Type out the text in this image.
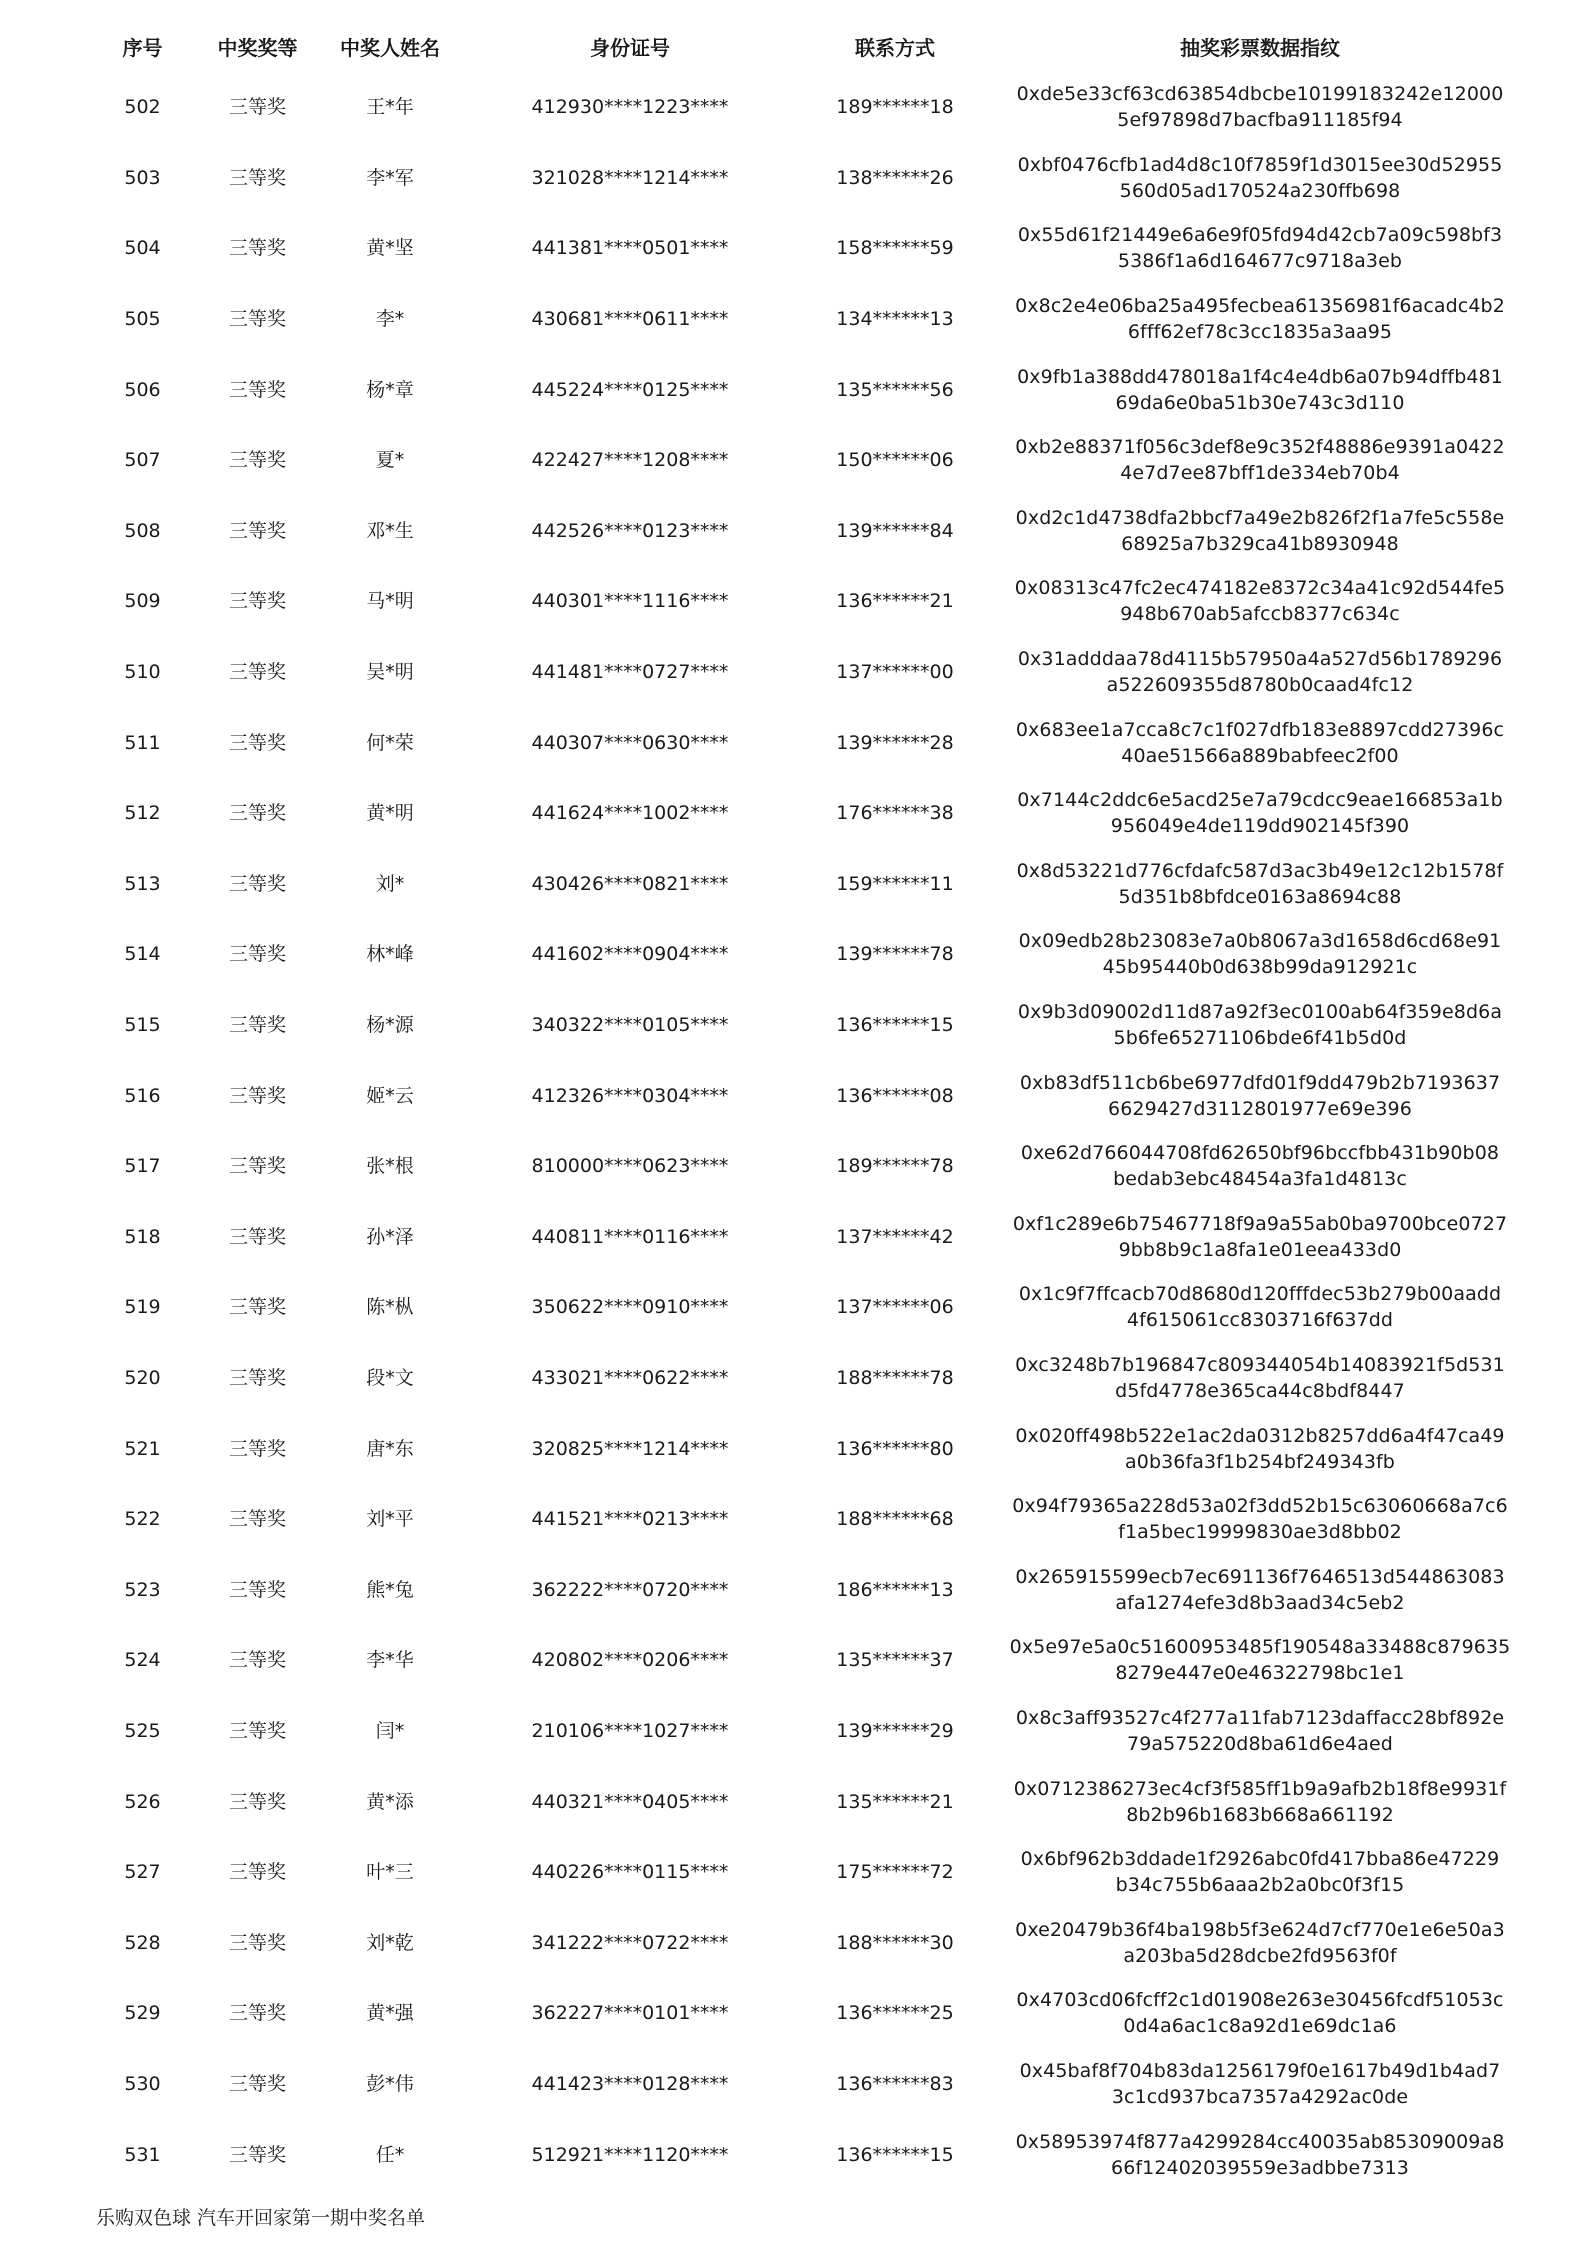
序号	中奖奖等	中奖人姓名	身份证号	联系方式	抽奖彩票数据指纹
502	三等奖	王*年	412930****1223****	189******18	0xde5e33cf63cd63854dbcbe10199183242e12000
5ef97898d7bacfba911185f94

503	三等奖	李*军	321028****1214****	138******26	0xbf0476cfb1ad4d8c10f7859f1d3015ee30d52955
560d05ad170524a230ffb698

504	三等奖	黄*坚	441381****0501****	158******59	0x55d61f21449e6a6e9f05fd94d42cb7a09c598bf3
5386f1a6d164677c9718a3eb

505	三等奖	李*	430681****0611****	134******13	0x8c2e4e06ba25a495fecbea61356981f6acadc4b2
6fff62ef78c3cc1835a3aa95

506	三等奖	杨*章	445224****0125****	135******56	0x9fb1a388dd478018a1f4c4e4db6a07b94dffb481
69da6e0ba51b30e743c3d110

507	三等奖	夏*	422427****1208****	150******06	0xb2e88371f056c3def8e9c352f48886e9391a0422
4e7d7ee87bff1de334eb70b4

508	三等奖	邓*生	442526****0123****	139******84	0xd2c1d4738dfa2bbcf7a49e2b826f2f1a7fe5c558e
68925a7b329ca41b8930948

509	三等奖	马*明	440301****1116****	136******21	0x08313c47fc2ec474182e8372c34a41c92d544fe5
948b670ab5afccb8377c634c

510	三等奖	吴*明	441481****0727****	137******00	0x31adddaa78d4115b57950a4a527d56b1789296
a522609355d8780b0caad4fc12

511	三等奖	何*荣	440307****0630****	139******28	0x683ee1a7cca8c7c1f027dfb183e8897cdd27396c
40ae51566a889babfeec2f00

512	三等奖	黄*明	441624****1002****	176******38	0x7144c2ddc6e5acd25e7a79cdcc9eae166853a1b
956049e4de119dd902145f390

513	三等奖	刘*	430426****0821****	159******11	0x8d53221d776cfdafc587d3ac3b49e12c12b1578f
5d351b8bfdce0163a8694c88

514	三等奖	林*峰	441602****0904****	139******78	0x09edb28b23083e7a0b8067a3d1658d6cd68e91
45b95440b0d638b99da912921c

515	三等奖	杨*源	340322****0105****	136******15	0x9b3d09002d11d87a92f3ec0100ab64f359e8d6a
5b6fe65271106bde6f41b5d0d

516	三等奖	姬*云	412326****0304****	136******08	0xb83df511cb6be6977dfd01f9dd479b2b7193637
6629427d3112801977e69e396

517	三等奖	张*根	810000****0623****	189******78	0xe62d766044708fd62650bf96bccfbb431b90b08
bedab3ebc48454a3fa1d4813c

518	三等奖	孙*泽	440811****0116****	137******42	0xf1c289e6b75467718f9a9a55ab0ba9700bce0727
9bb8b9c1a8fa1e01eea433d0

519	三等奖	陈*枞	350622****0910****	137******06	0x1c9f7ffcacb70d8680d120fffdec53b279b00aadd
4f615061cc8303716f637dd

520	三等奖	段*文	433021****0622****	188******78	0xc3248b7b196847c809344054b14083921f5d531
d5fd4778e365ca44c8bdf8447

521	三等奖	唐*东	320825****1214****	136******80	0x020ff498b522e1ac2da0312b8257dd6a4f47ca49
a0b36fa3f1b254bf249343fb

522	三等奖	刘*平	441521****0213****	188******68	0x94f79365a228d53a02f3dd52b15c63060668a7c6
f1a5bec19999830ae3d8bb02

523	三等奖	熊*兔	362222****0720****	186******13	0x265915599ecb7ec691136f7646513d544863083
afa1274efe3d8b3aad34c5eb2

524	三等奖	李*华	420802****0206****	135******37	0x5e97e5a0c51600953485f190548a33488c879635
8279e447e0e46322798bc1e1

525	三等奖	闫*	210106****1027****	139******29	0x8c3aff93527c4f277a11fab7123daffacc28bf892e
79a575220d8ba61d6e4aed

526	三等奖	黄*添	440321****0405****	135******21	0x0712386273ec4cf3f585ff1b9a9afb2b18f8e9931f
8b2b96b1683b668a661192

527	三等奖	叶*三	440226****0115****	175******72	0x6bf962b3ddade1f2926abc0fd417bba86e47229
b34c755b6aaa2b2a0bc0f3f15

528	三等奖	刘*乾	341222****0722****	188******30	0xe20479b36f4ba198b5f3e624d7cf770e1e6e50a3
a203ba5d28dcbe2fd9563f0f

529	三等奖	黄*强	362227****0101****	136******25	0x4703cd06fcff2c1d01908e263e30456fcdf51053c
0d4a6ac1c8a92d1e69dc1a6

530	三等奖	彭*伟	441423****0128****	136******83	0x45baf8f704b83da1256179f0e1617b49d1b4ad7
3c1cd937bca7357a4292ac0de

531	三等奖	任*	512921****1120****	136******15	0x58953974f877a4299284cc40035ab85309009a8
66f12402039559e3adbbe7313
乐购双色球 汽车开回家第一期中奖名单
